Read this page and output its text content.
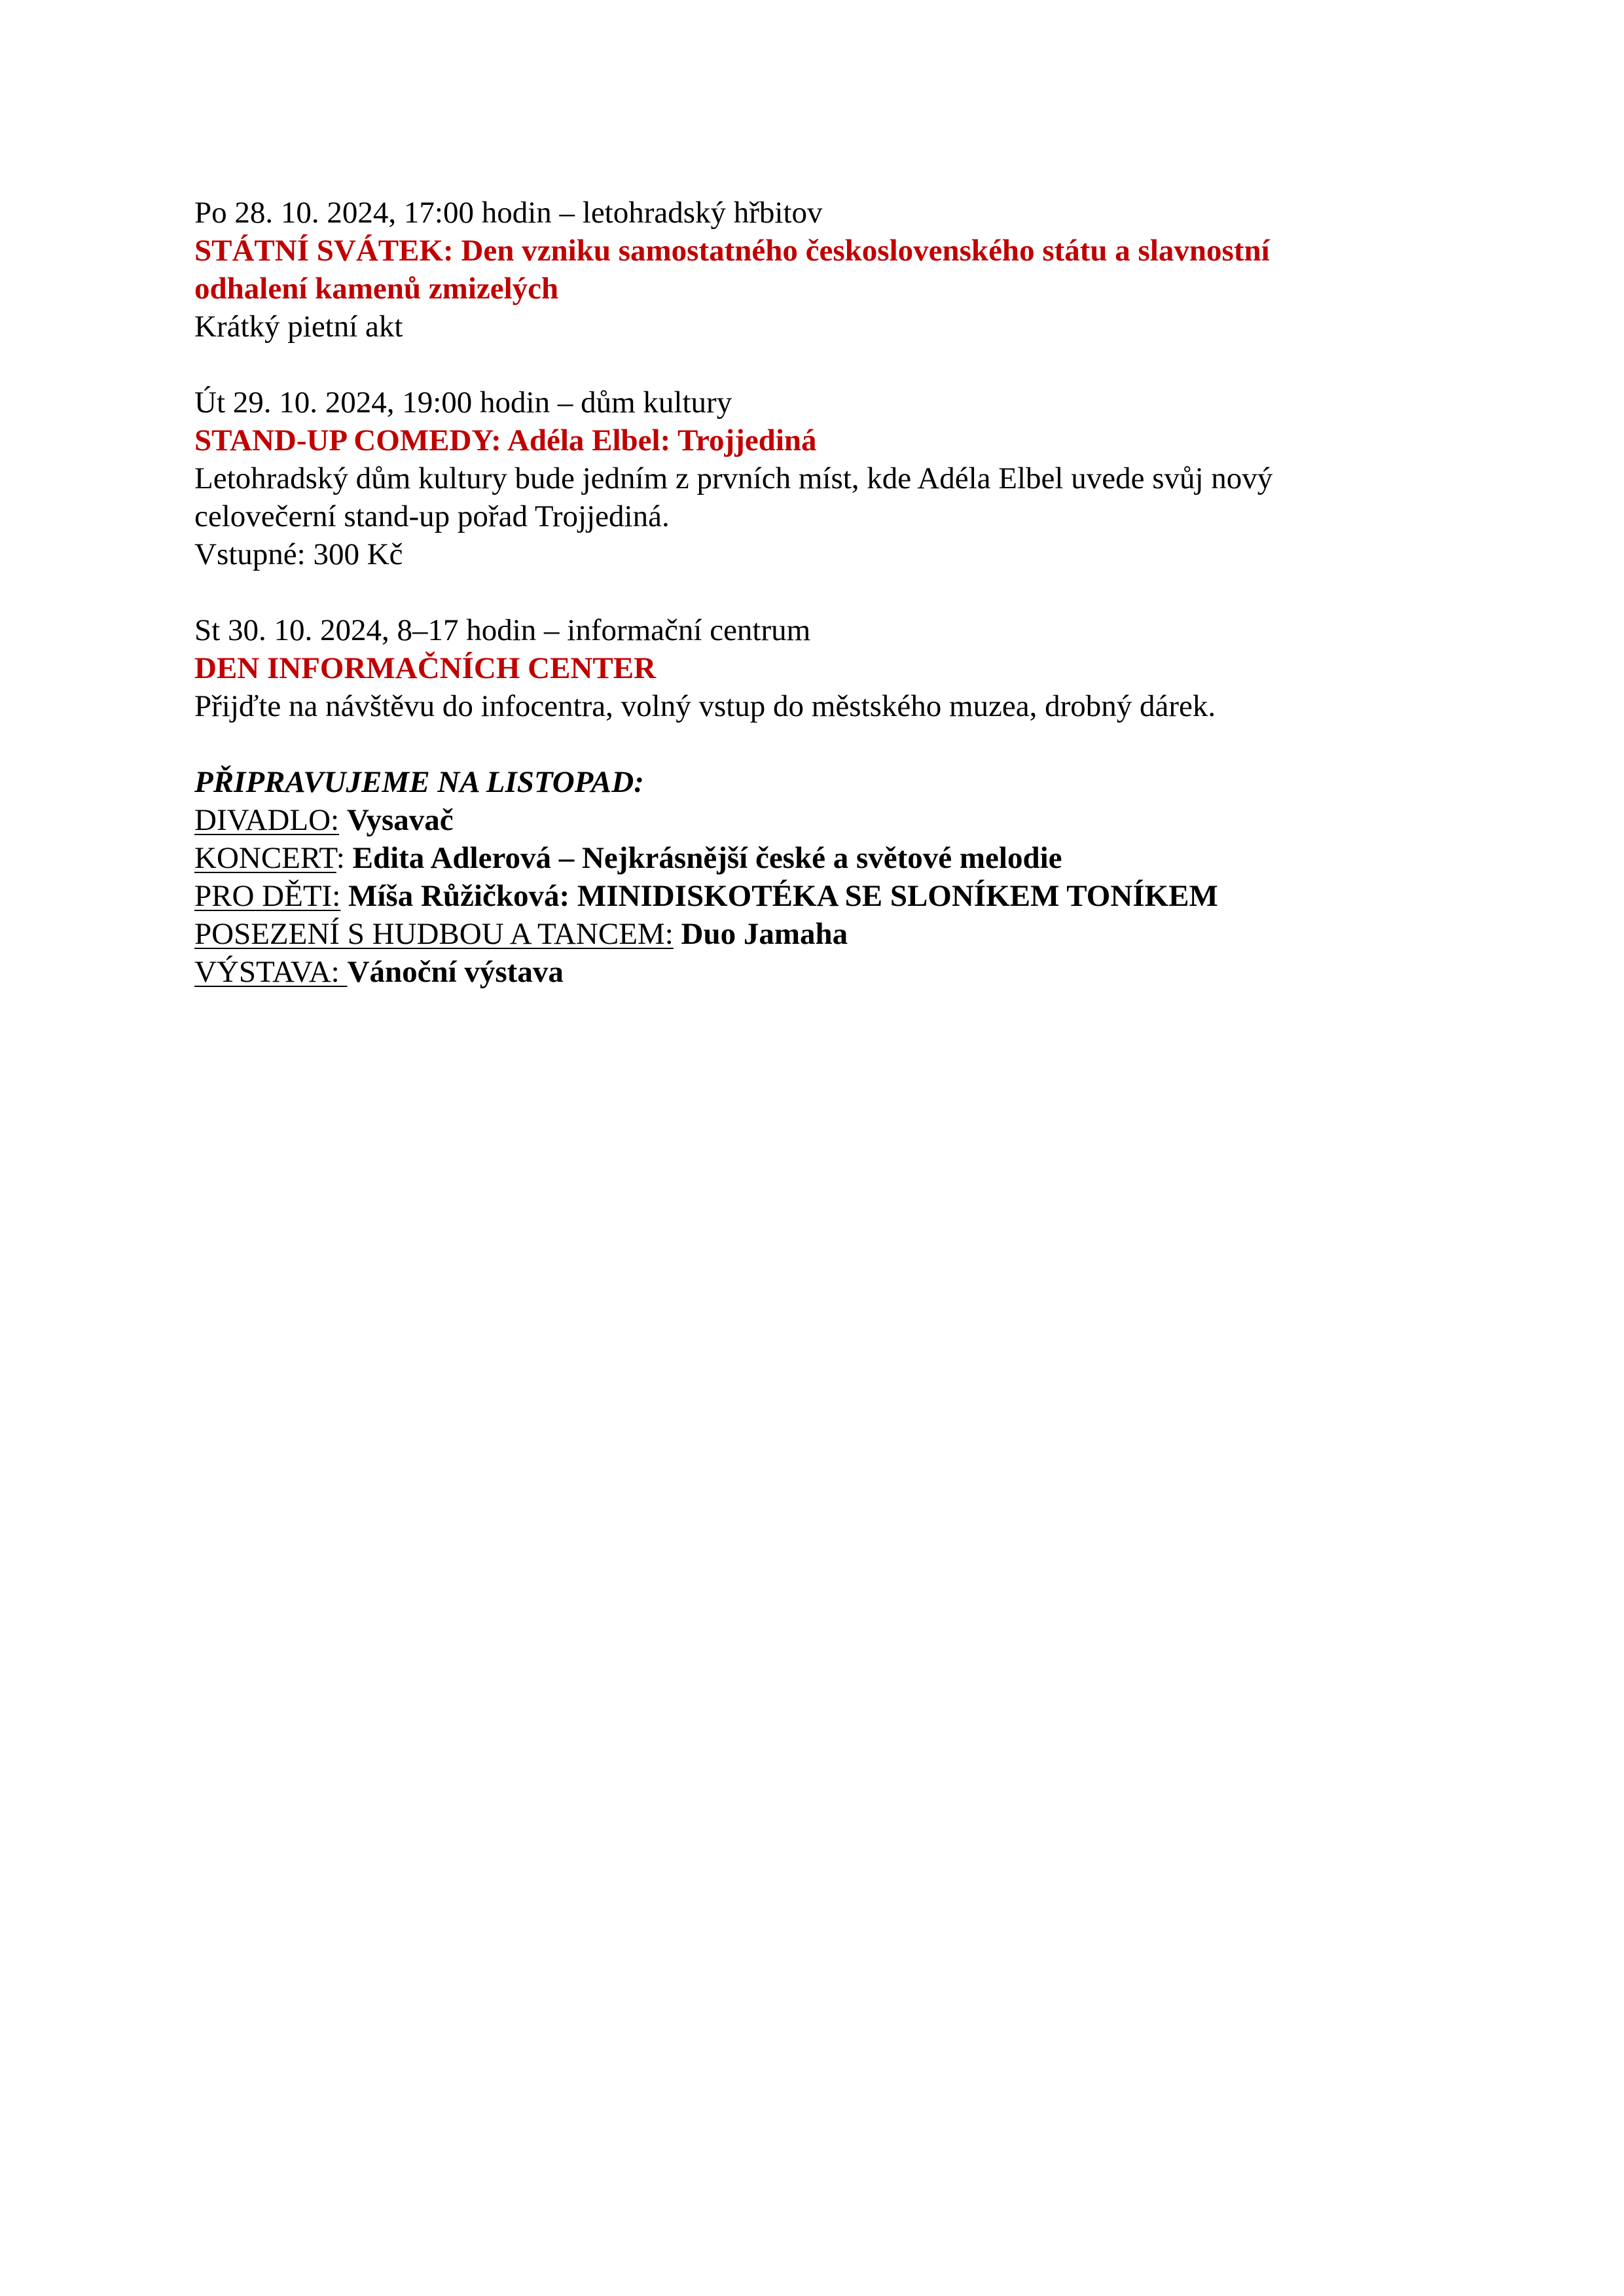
Po 28. 10. 2024, 17:00 hodin – letohradský hřbitov
STÁTNÍ SVÁTEK: Den vzniku samostatného československého státu a slavnostní
odhalení kamenů zmizelých
Krátký pietní akt
Út 29. 10. 2024, 19:00 hodin – dům kultury
STAND-UP COMEDY: Adéla Elbel: Trojjediná
Letohradský dům kultury bude jedním z prvních míst, kde Adéla Elbel uvede svůj nový
celovečerní stand-up pořad Trojjediná.
Vstupné: 300 Kč
St 30. 10. 2024, 8–17 hodin – informační centrum
DEN INFORMAČNÍCH CENTER
Přijďte na návštěvu do infocentra, volný vstup do městského muzea, drobný dárek.
PŘIPRAVUJEME NA LISTOPAD:
DIVADLO: Vysavač
KONCERT: Edita Adlerová – Nejkrásnější české a světové melodie
PRO DĚTI: Míša Růžičková: MINIDISKOTÉKA SE SLONÍKEM TONÍKEM
POSEZENÍ S HUDBOU A TANCEM: Duo Jamaha
VÝSTAVA: Vánoční výstava
